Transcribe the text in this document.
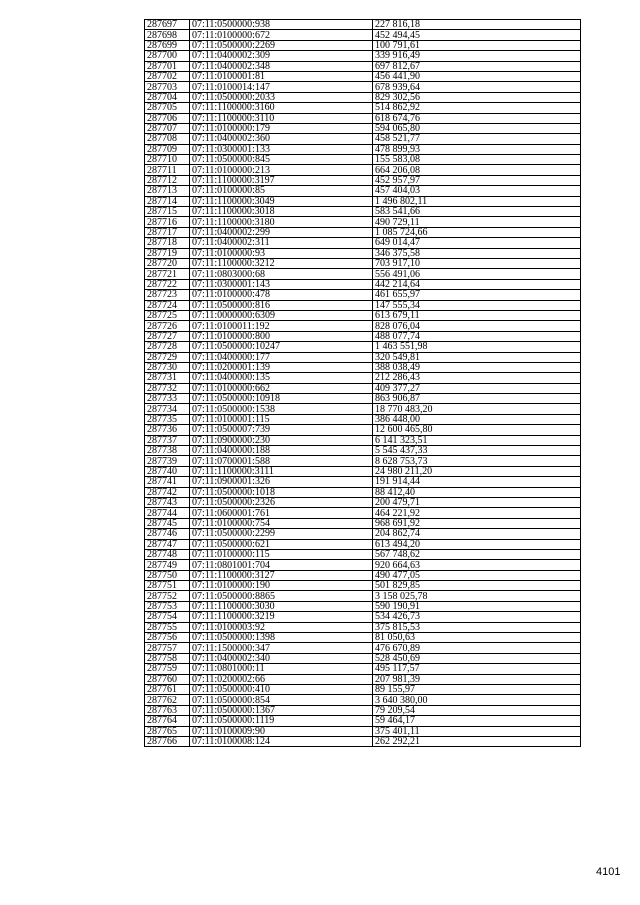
287697	07:11:0500000:938	227 816,18
287698	07:11:0100000:672	452 494,45
287699	07:11:0500000:2269	100 791,61
287700	07:11:0400002:309	339 916,49
287701	07:11:0400002:348	697 812,67
287702	07:11:0100001:81	456 441,90
287703	07:11:0100014:147	678 939,64
287704	07:11:0500000:2033	829 302,56
287705	07:11:1100000:3160	514 862,92
287706	07:11:1100000:3110	618 674,76
287707	07:11:0100000:179	594 065,80
287708	07:11:0400002:360	458 521,77
287709	07:11:0300001:133	478 899,93
287710	07:11:0500000:845	155 583,08
287711	07:11:0100000:213	664 206,08
287712	07:11:1100000:3197	452 957,97
287713	07:11:0100000:85	457 404,03
287714	07:11:1100000:3049	1 496 802,11
287715	07:11:1100000:3018	583 541,66
287716	07:11:1100000:3180	490 729,11
287717	07:11:0400002:299	1 085 724,66
287718	07:11:0400002:311	649 014,47
287719	07:11:0100000:93	346 375,58
287720	07:11:1100000:3212	703 917,10
287721	07:11:0803000:68	556 491,06
287722	07:11:0300001:143	442 214,64
287723	07:11:0100000:478	461 655,97
287724	07:11:0500000:816	147 555,34
287725	07:11:0000000:6309	613 679,11
287726	07:11:0100011:192	828 076,04
287727	07:11:0100000:800	488 077,74
287728	07:11:0500000:10247	1 463 551,98
287729	07:11:0400000:177	320 549,81
287730	07:11:0200001:139	388 038,49
287731	07:11:0400000:135	212 286,43
287732	07:11:0100000:662	409 377,27
287733	07:11:0500000:10918	863 906,87
287734	07:11:0500000:1538	18 770 483,20
287735	07:11:0100001:115	386 448,00
287736	07:11:0500007:739	12 600 465,80
287737	07:11:0900000:230	6 141 323,51
287738	07:11:0400000:188	5 545 437,33
287739	07:11:0700001:588	8 628 753,73
287740	07:11:1100000:3111	24 980 211,20
287741	07:11:0900001:326	191 914,44
287742	07:11:0500000:1018	88 412,40
287743	07:11:0500000:2326	200 479,71
287744	07:11:0600001:761	464 221,92
287745	07:11:0100000:754	968 691,92
287746	07:11:0500000:2299	204 862,74
287747	07:11:0500000:621	613 494,20
287748	07:11:0100000:115	567 748,62
287749	07:11:0801001:704	920 664,63
287750	07:11:1100000:3127	490 477,05
287751	07:11:0100000:190	501 829,85
287752	07:11:0500000:8865	3 158 025,78
287753	07:11:1100000:3030	590 190,91
287754	07:11:1100000:3219	534 426,73
287755	07:11:0100003:92	375 815,53
287756	07:11:0500000:1398	81 050,63
287757	07:11:1500000:347	476 670,89
287758	07:11:0400002:340	528 450,69
287759	07:11:0801000:11	495 117,57
287760	07:11:0200002:66	207 981,39
287761	07:11:0500000:410	89 155,97
287762	07:11:0500000:854	3 640 380,00
287763	07:11:0500000:1367	79 209,54
287764	07:11:0500000:1119	59 464,17
287765	07:11:0100009:90	375 401,11
287766	07:11:0100008:124	262 292,21
4101
